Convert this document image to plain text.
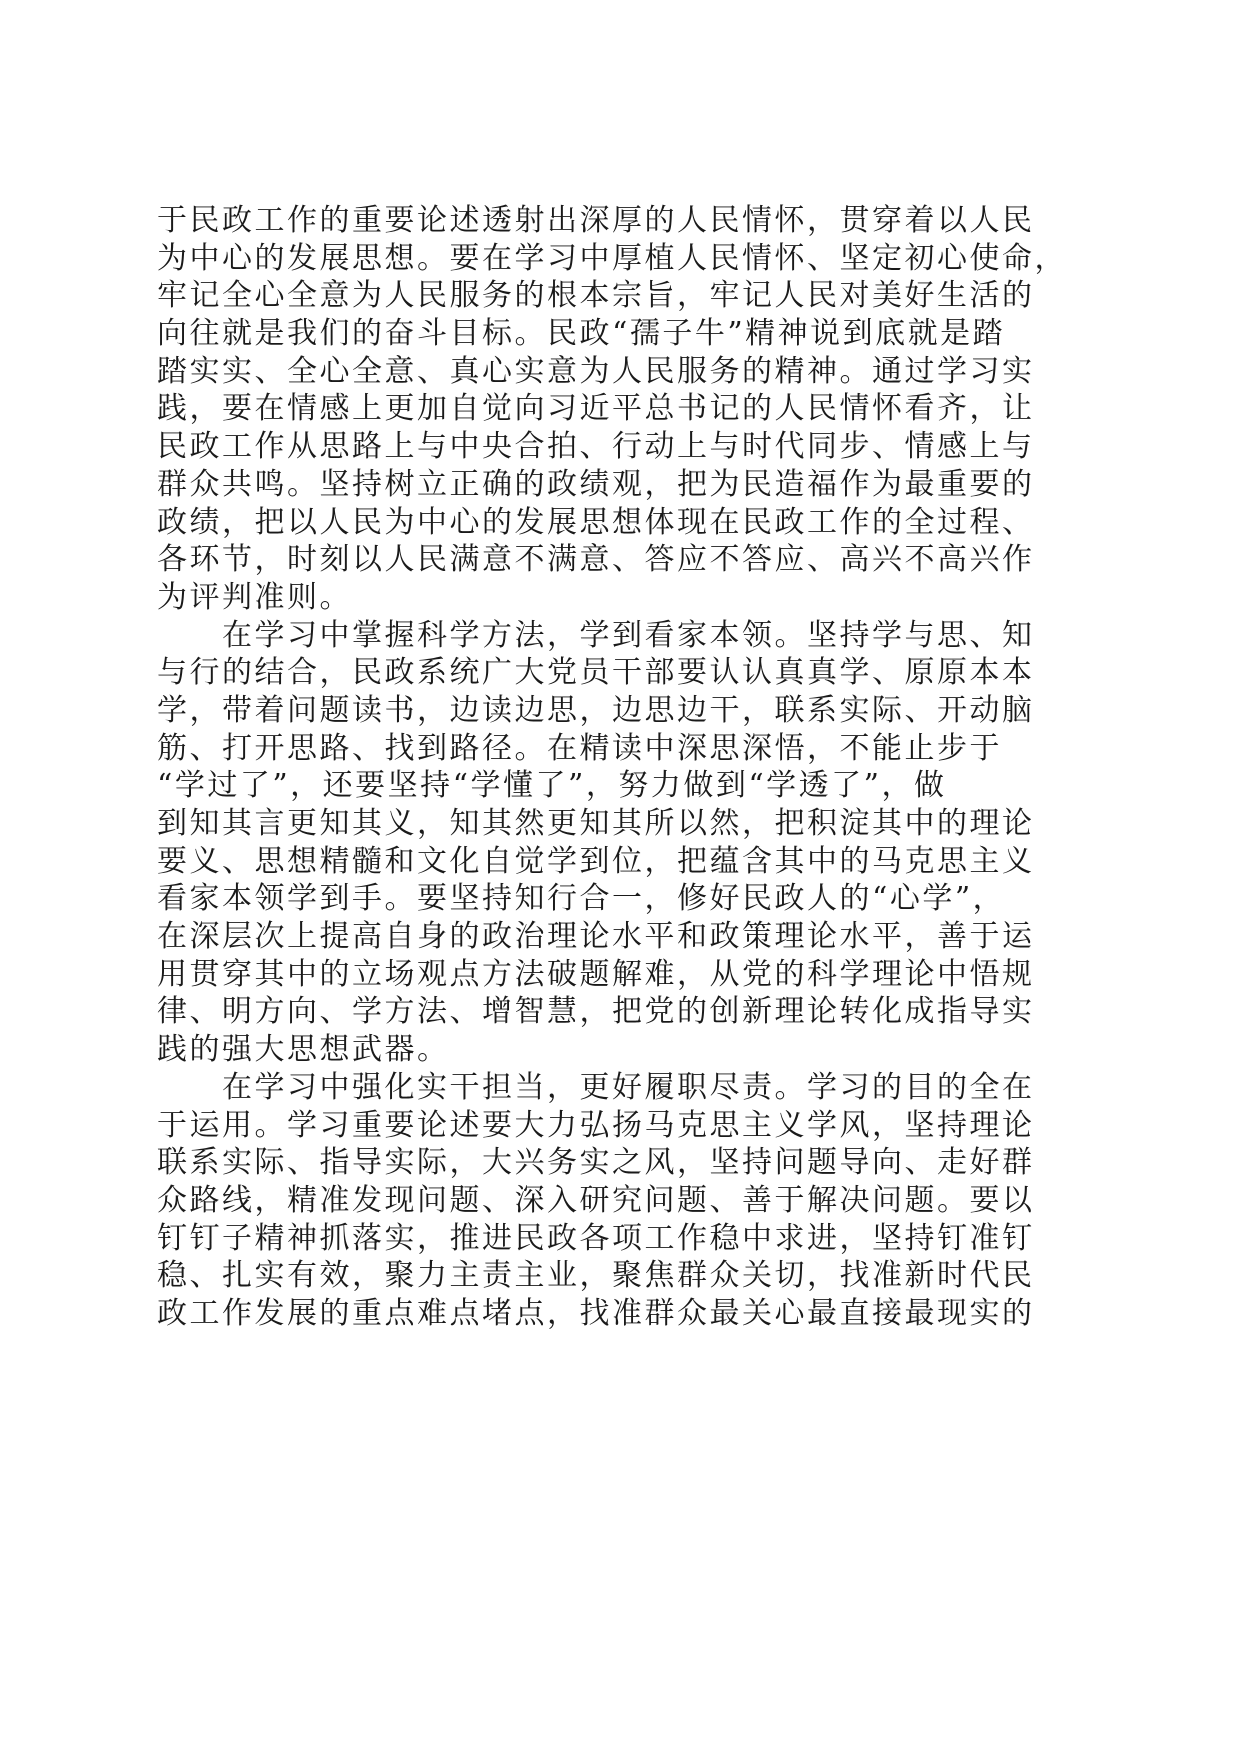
于民政工作的重要论述透射出深厚的人民情怀，贯穿着以人民
为中心的发展思想。要在学习中厚植人民情怀、坚定初心使命，
牢记全心全意为人民服务的根本宗旨，牢记人民对美好生活的
向往就是我们的奋斗目标。民政“孺子牛”精神说到底就是踏
踏实实、全心全意、真心实意为人民服务的精神。通过学习实
践，要在情感上更加自觉向习近平总书记的人民情怀看齐，让
民政工作从思路上与中央合拍、行动上与时代同步、情感上与
群众共鸣。坚持树立正确的政绩观，把为民造福作为最重要的
政绩，把以人民为中心的发展思想体现在民政工作的全过程、
各环节，时刻以人民满意不满意、答应不答应、高兴不高兴作
为评判准则。
　　在学习中掌握科学方法，学到看家本领。坚持学与思、知
与行的结合，民政系统广大党员干部要认认真真学、原原本本
学，带着问题读书，边读边思，边思边干，联系实际、开动脑
筋、打开思路、找到路径。在精读中深思深悟，不能止步于
“学过了”，还要坚持“学懂了”，努力做到“学透了”，做
到知其言更知其义，知其然更知其所以然，把积淀其中的理论
要义、思想精髓和文化自觉学到位，把蕴含其中的马克思主义
看家本领学到手。要坚持知行合一，修好民政人的“心学”，
在深层次上提高自身的政治理论水平和政策理论水平，善于运
用贯穿其中的立场观点方法破题解难，从党的科学理论中悟规
律、明方向、学方法、增智慧，把党的创新理论转化成指导实
践的强大思想武器。
　　在学习中强化实干担当，更好履职尽责。学习的目的全在
于运用。学习重要论述要大力弘扬马克思主义学风，坚持理论
联系实际、指导实际，大兴务实之风，坚持问题导向、走好群
众路线，精准发现问题、深入研究问题、善于解决问题。要以
钉钉子精神抓落实，推进民政各项工作稳中求进，坚持钉准钉
稳、扎实有效，聚力主责主业，聚焦群众关切，找准新时代民
政工作发展的重点难点堵点，找准群众最关心最直接最现实的
